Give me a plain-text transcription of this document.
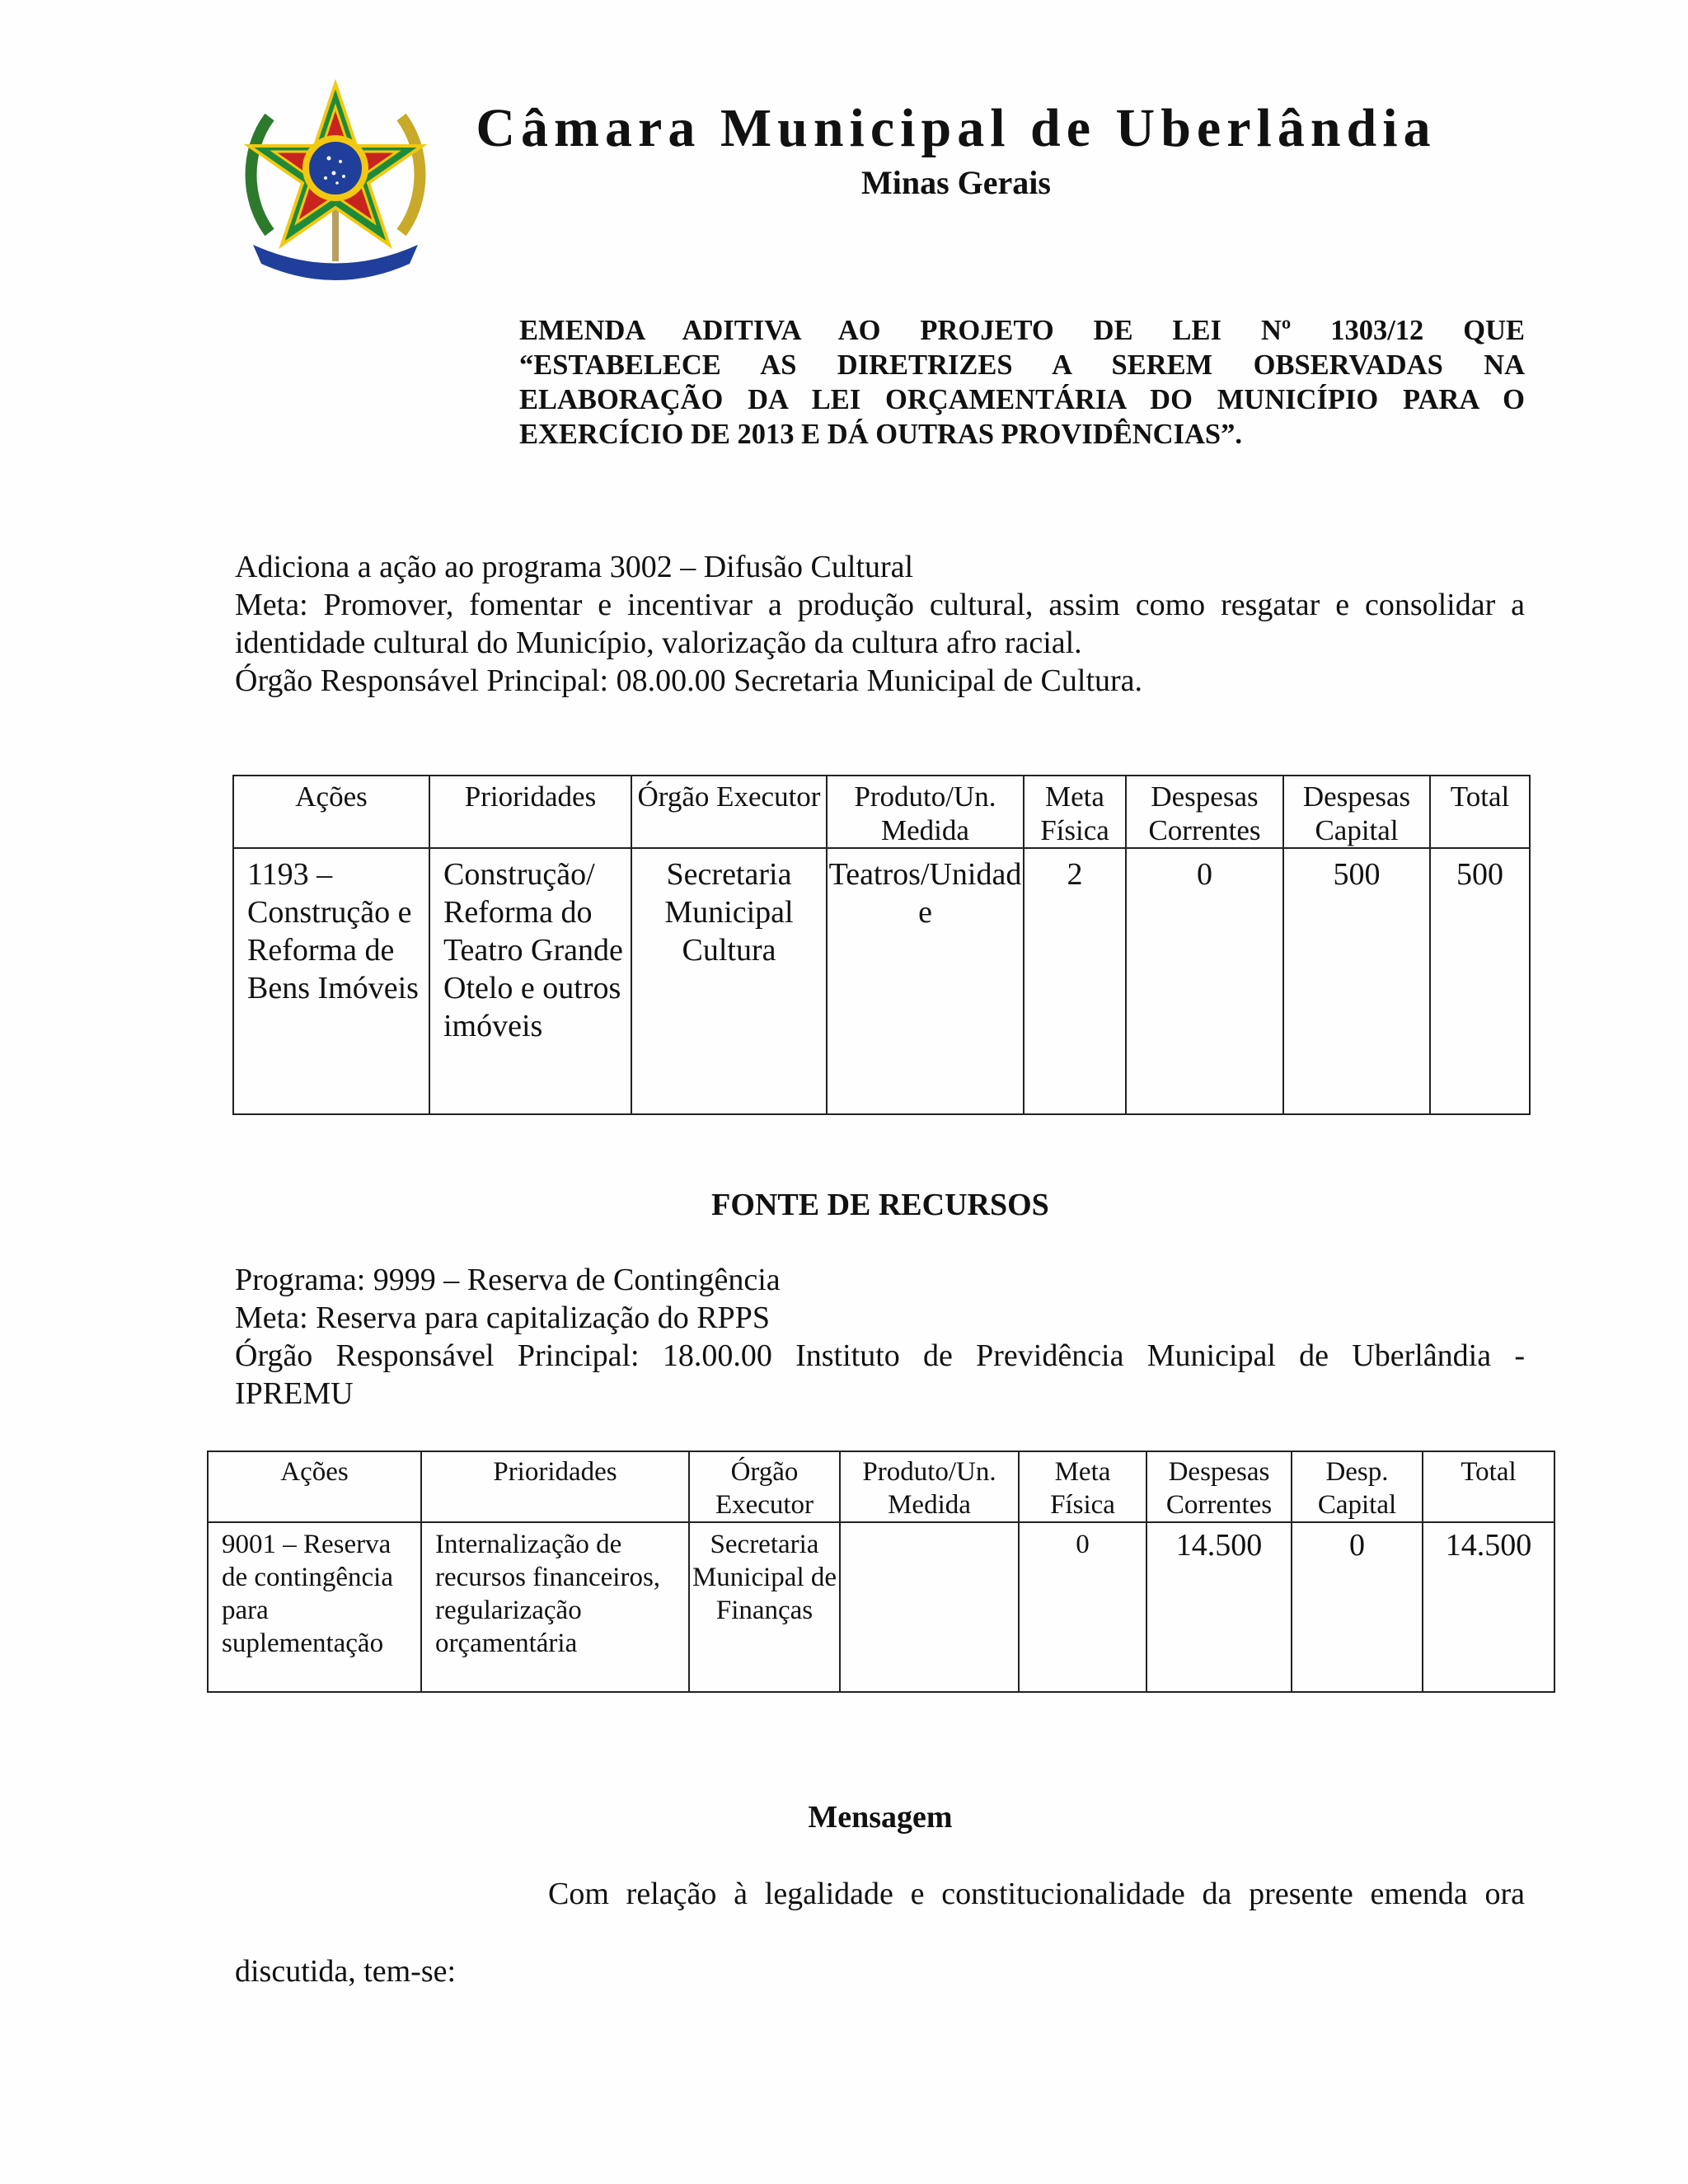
Câmara Municipal de Uberlândia
Minas Gerais
EMENDA ADITIVA AO PROJETO DE LEI Nº 1303/12 QUE
“ESTABELECE AS DIRETRIZES A SEREM OBSERVADAS NA
ELABORAÇÃO DA LEI ORÇAMENTÁRIA DO MUNICÍPIO PARA O
EXERCÍCIO DE 2013 E DÁ OUTRAS PROVIDÊNCIAS”.
Adiciona a ação ao programa 3002 – Difusão Cultural
Meta: Promover, fomentar e incentivar a produção cultural, assim como resgatar e consolidar a
identidade cultural do Município, valorização da cultura afro racial.
Órgão Responsável Principal: 08.00.00 Secretaria Municipal de Cultura.
Ações	Prioridades	Órgão Executor	Produto/Un. Medida	Meta Física	Despesas Correntes	Despesas Capital	Total
1193 – Construção e Reforma de Bens Imóveis	Construção/ Reforma do Teatro Grande Otelo e outros imóveis	Secretaria Municipal Cultura	Teatros/Unidade	2	0	500	500
FONTE DE RECURSOS
Programa: 9999 – Reserva de Contingência
Meta: Reserva para capitalização do RPPS
Órgão Responsável Principal: 18.00.00 Instituto de Previdência Municipal de Uberlândia -
IPREMU
Ações	Prioridades	Órgão Executor	Produto/Un. Medida	Meta Física	Despesas Correntes	Desp. Capital	Total
9001 – Reserva de contingência para suplementação	Internalização de recursos financeiros, regularização orçamentária	Secretaria Municipal de Finanças		0	14.500	0	14.500
Mensagem
Com relação à legalidade e constitucionalidade da presente emenda ora
discutida, tem-se:
